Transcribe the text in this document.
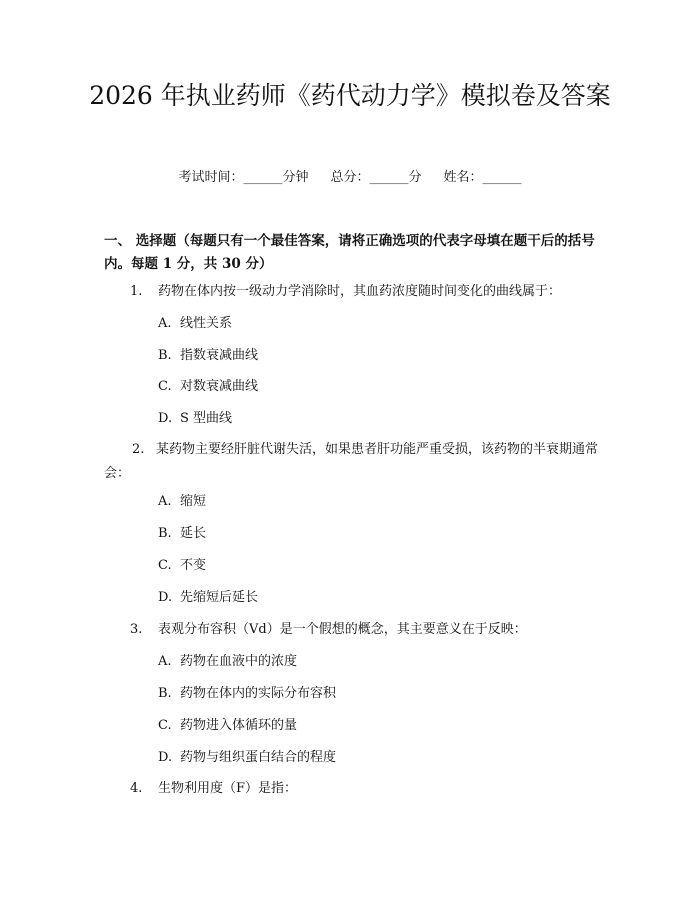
2026 年执业药师《药代动力学》模拟卷及答案
考试时间：______分钟 总分：______分 姓名：______
一、 选择题（每题只有一个最佳答案，请将正确选项的代表字母填在题干后的括号内。每题 1 分，共 30 分）
1. 药物在体内按一级动力学消除时，其血药浓度随时间变化的曲线属于：
A. 线性关系
B. 指数衰减曲线
C. 对数衰减曲线
D. S 型曲线
2. 某药物主要经肝脏代谢失活，如果患者肝功能严重受损，该药物的半衰期通常会：
A. 缩短
B. 延长
C. 不变
D. 先缩短后延长
3. 表观分布容积（Vd）是一个假想的概念，其主要意义在于反映：
A. 药物在血液中的浓度
B. 药物在体内的实际分布容积
C. 药物进入体循环的量
D. 药物与组织蛋白结合的程度
4. 生物利用度（F）是指：
